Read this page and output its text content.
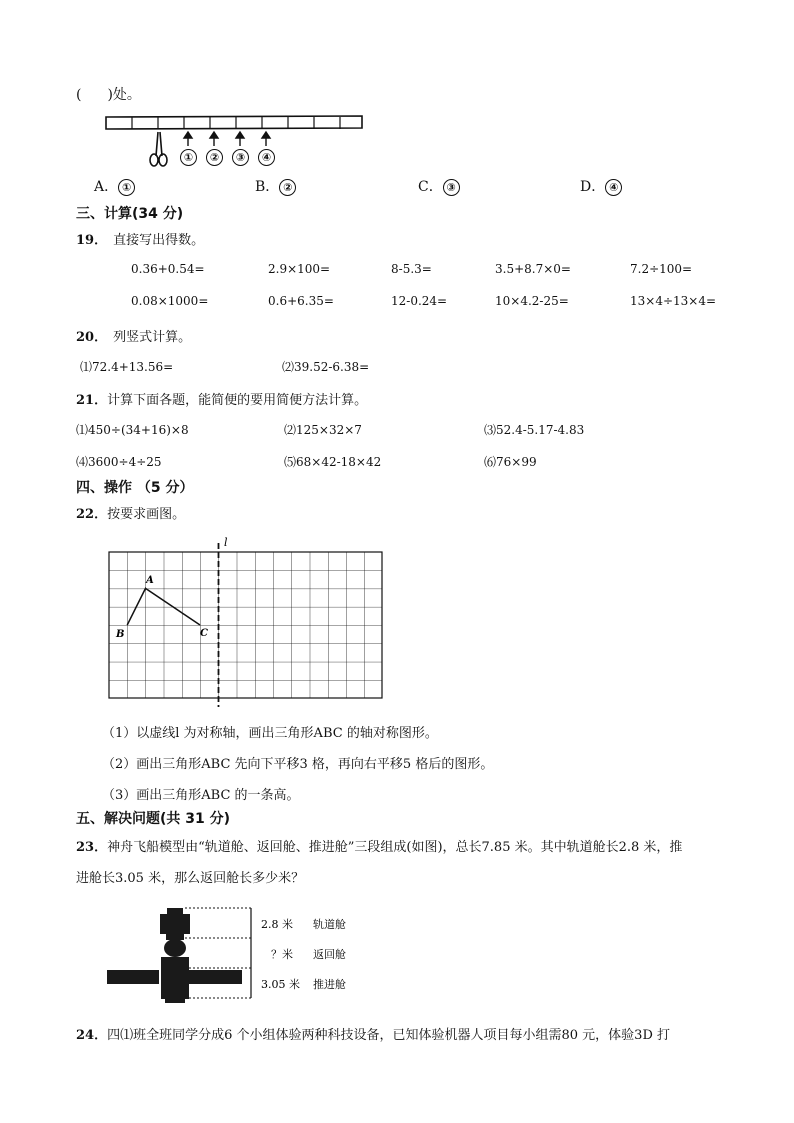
( )处。
①	②	③	④
A． ①	B． ②	C． ③	D． ④
三、计算(34 分)
19． 直接写出得数。
0.36+0.54=	2.9×100=	8-5.3=	3.5+8.7×0=	7.2÷100=
0.08×1000=	0.6+6.35=	12-0.24=	10×4.2-25=	13×4÷13×4=
20． 列竖式计算。
⑴72.4+13.56=	⑵39.52-6.38=
21．计算下面各题，能简便的要用简便方法计算。
⑴450÷(34+16)×8	⑵125×32×7	⑶52.4-5.17-4.83
⑷3600÷4÷25	⑸68×42-18×42	⑹76×99
四、操作 （5 分）
22．按要求画图。
l
A
B	C
（1）以虚线l 为对称轴，画出三角形ABC 的轴对称图形。
（2）画出三角形ABC 先向下平移3 格，再向右平移5 格后的图形。
（3）画出三角形ABC 的一条高。
五、解决问题(共 31 分)
23．神舟飞船模型由“轨道舱、返回舱、推进舱”三段组成(如图)，总长7.85 米。其中轨道舱长2.8 米，推
进舱长3.05 米，那么返回舱长多少米？
2.8 米 轨道舱
？米 返回舱
3.05 米 推进舱
24．四⑴班全班同学分成6 个小组体验两种科技设备，已知体验机器人项目每小组需80 元，体验3D 打
